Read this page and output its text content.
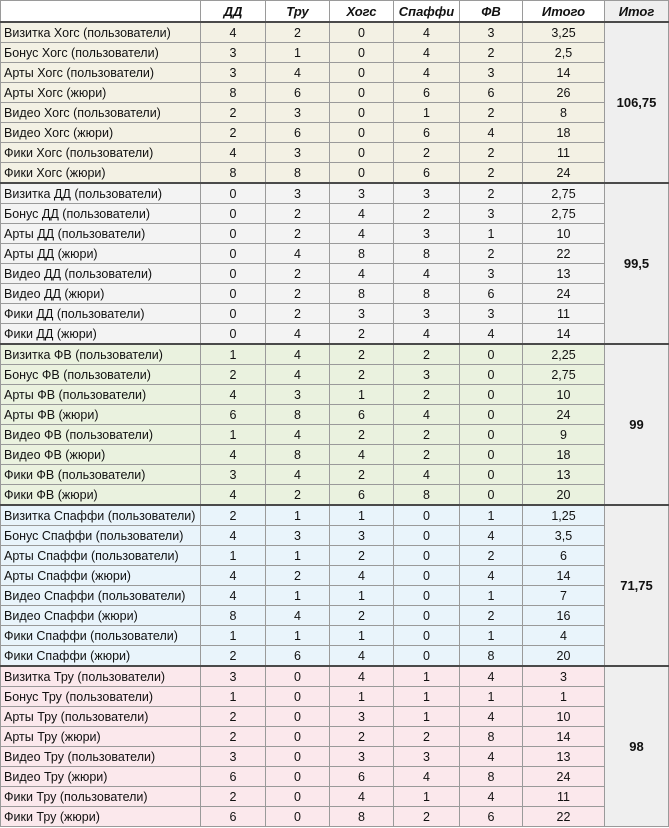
	ДД	Тру	Хогс	Спаффи	ФВ	Итого	Итог
Визитка Хогс (пользователи)	4	2	0	4	3	3,25	106,75
Бонус Хогс (пользователи)	3	1	0	4	2	2,5	
Арты Хогс (пользователи)	3	4	0	4	3	14	
Арты Хогс (жюри)	8	6	0	6	6	26	
Видео Хогс (пользователи)	2	3	0	1	2	8	
Видео Хогс (жюри)	2	6	0	6	4	18	
Фики Хогс (пользователи)	4	3	0	2	2	11	
Фики Хогс (жюри)	8	8	0	6	2	24	
Визитка ДД (пользователи)	0	3	3	3	2	2,75	99,5
Бонус ДД (пользователи)	0	2	4	2	3	2,75	
Арты ДД (пользователи)	0	2	4	3	1	10	
Арты ДД (жюри)	0	4	8	8	2	22	
Видео ДД (пользователи)	0	2	4	4	3	13	
Видео ДД (жюри)	0	2	8	8	6	24	
Фики ДД (пользователи)	0	2	3	3	3	11	
Фики ДД (жюри)	0	4	2	4	4	14	
Визитка ФВ (пользователи)	1	4	2	2	0	2,25	99
Бонус ФВ (пользователи)	2	4	2	3	0	2,75	
Арты ФВ (пользователи)	4	3	1	2	0	10	
Арты ФВ (жюри)	6	8	6	4	0	24	
Видео ФВ (пользователи)	1	4	2	2	0	9	
Видео ФВ (жюри)	4	8	4	2	0	18	
Фики ФВ (пользователи)	3	4	2	4	0	13	
Фики ФВ (жюри)	4	2	6	8	0	20	
Визитка Спаффи (пользователи)	2	1	1	0	1	1,25	71,75
Бонус Спаффи (пользователи)	4	3	3	0	4	3,5	
Арты Спаффи (пользователи)	1	1	2	0	2	6	
Арты Спаффи (жюри)	4	2	4	0	4	14	
Видео Спаффи (пользователи)	4	1	1	0	1	7	
Видео Спаффи (жюри)	8	4	2	0	2	16	
Фики Спаффи (пользователи)	1	1	1	0	1	4	
Фики Спаффи (жюри)	2	6	4	0	8	20	
Визитка Тру (пользователи)	3	0	4	1	4	3	98
Бонус Тру (пользователи)	1	0	1	1	1	1	
Арты Тру (пользователи)	2	0	3	1	4	10	
Арты Тру (жюри)	2	0	2	2	8	14	
Видео Тру (пользователи)	3	0	3	3	4	13	
Видео Тру (жюри)	6	0	6	4	8	24	
Фики Тру (пользователи)	2	0	4	1	4	11	
Фики Тру (жюри)	6	0	8	2	6	22	
